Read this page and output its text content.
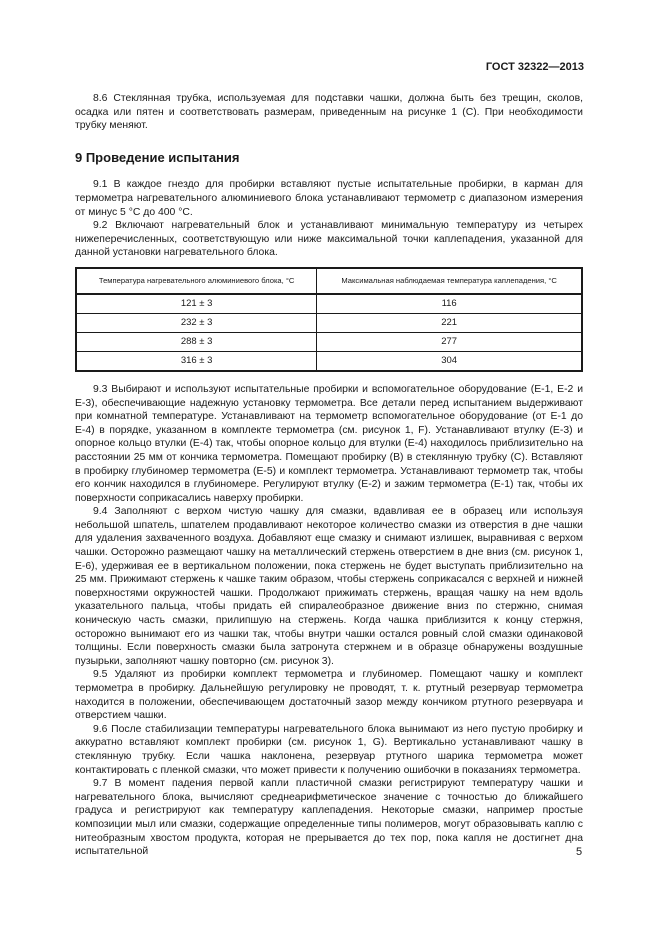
ГОСТ 32322—2013

8.6 Стеклянная трубка, используемая для подставки чашки, должна быть без трещин, сколов, осадка или пятен и соответствовать размерам, приведенным на рисунке 1 (С). При необходимости трубку меняют.

9 Проведение испытания

9.1 В каждое гнездо для пробирки вставляют пустые испытательные пробирки, в карман для термометра нагревательного алюминиевого блока устанавливают термометр с диапазоном измерения от минус 5 °С до 400 °С.

9.2 Включают нагревательный блок и устанавливают минимальную температуру из четырех нижеперечисленных, соответствующую или ниже максимальной точки каплепадения, указанной для данной установки нагревательного блока.

Температура нагревательного алюминиевого блока, °С	Максимальная наблюдаемая температура каплепадения, °С
121 ± 3	116
232 ± 3	221
288 ± 3	277
316 ± 3	304

9.3 Выбирают и используют испытательные пробирки и вспомогательное оборудование (Е-1, Е-2 и Е-3), обеспечивающие надежную установку термометра. Все детали перед испытанием выдерживают при комнатной температуре. Устанавливают на термометр вспомогательное оборудование (от Е-1 до Е-4) в порядке, указанном в комплекте термометра (см. рисунок 1, F). Устанавливают втулку (Е-3) и опорное кольцо втулки (Е-4) так, чтобы опорное кольцо для втулки (Е-4) находилось приблизительно на расстоянии 25 мм от кончика термометра. Помещают пробирку (В) в стеклянную трубку (С). Вставляют в пробирку глубиномер термометра (Е-5) и комплект термометра. Устанавливают термометр так, чтобы его кончик находился в глубиномере. Регулируют втулку (Е-2) и зажим термометра (Е-1) так, чтобы их поверхности соприкасались наверху пробирки.

9.4 Заполняют с верхом чистую чашку для смазки, вдавливая ее в образец или используя небольшой шпатель, шпателем продавливают некоторое количество смазки из отверстия в дне чашки для удаления захваченного воздуха. Добавляют еще смазку и снимают излишек, выравнивая с верхом чашки. Осторожно размещают чашку на металлический стержень отверстием в дне вниз (см. рисунок 1, Е-6), удерживая ее в вертикальном положении, пока стержень не будет выступать приблизительно на 25 мм. Прижимают стержень к чашке таким образом, чтобы стержень соприкасался с верхней и нижней поверхностями окружностей чашки. Продолжают прижимать стержень, вращая чашку на нем вдоль указательного пальца, чтобы придать ей спиралеобразное движение вниз по стержню, снимая коническую часть смазки, прилипшую на стержень. Когда чашка приблизится к концу стержня, осторожно вынимают его из чашки так, чтобы внутри чашки остался ровный слой смазки одинаковой толщины. Если поверхность смазки была затронута стержнем и в образце обнаружены воздушные пузырьки, заполняют чашку повторно (см. рисунок 3).

9.5 Удаляют из пробирки комплект термометра и глубиномер. Помещают чашку и комплект термометра в пробирку. Дальнейшую регулировку не проводят, т. к. ртутный резервуар термометра находится в положении, обеспечивающем достаточный зазор между кончиком ртутного резервуара и отверстием чашки.

9.6 После стабилизации температуры нагревательного блока вынимают из него пустую пробирку и аккуратно вставляют комплект пробирки (см. рисунок 1, G). Вертикально устанавливают чашку в стеклянную трубку. Если чашка наклонена, резервуар ртутного шарика термометра может контактировать с пленкой смазки, что может привести к получению ошибочки в показаниях термометра.

9.7 В момент падения первой капли пластичной смазки регистрируют температуру чашки и нагревательного блока, вычисляют среднеарифметическое значение с точностью до ближайшего градуса и регистрируют как температуру каплепадения. Некоторые смазки, например простые композиции мыл или смазки, содержащие определенные типы полимеров, могут образовывать каплю с нитеобразным хвостом продукта, которая не прерывается до тех пор, пока капля не достигнет дна испытательной	5
